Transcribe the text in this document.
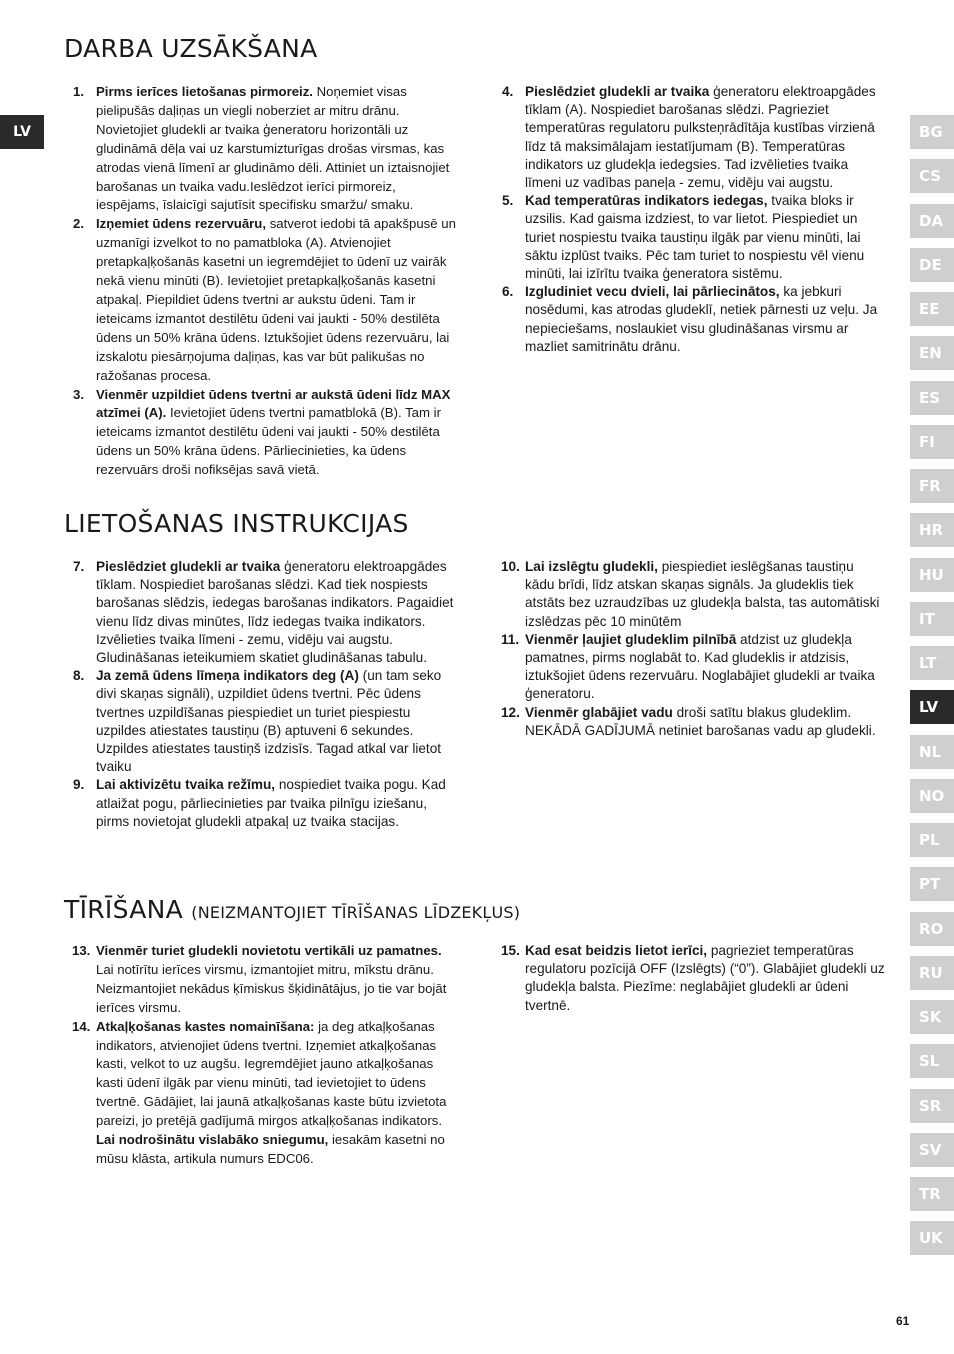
LV
DARBA UZSĀKŠANA

1. Pirms ierīces lietošanas pirmoreiz. Noņemiet visas pielipušās daļiņas un viegli noberziet ar mitru drānu. Novietojiet gludekli ar tvaika ģeneratoru horizontāli uz gludināmā dēļa vai uz karstumizturīgas drošas virsmas, kas atrodas vienā līmenī ar gludināmo dēli. Attiniet un iztaisnojiet barošanas un tvaika vadu.Ieslēdzot ierīci pirmoreiz, iespējams, īslaicīgi sajutīsit specifisku smaržu/ smaku.

2. Izņemiet ūdens rezervuāru, satverot iedobi tā apakšpusē un uzmanīgi izvelkot to no pamatbloka (A). Atvienojiet pretapkaļķošanās kasetni un iegremdējiet to ūdenī uz vairāk nekā vienu minūti (B). Ievietojiet pretapkaļķošanās kasetni atpakaļ. Piepildiet ūdens tvertni ar aukstu ūdeni. Tam ir ieteicams izmantot destilētu ūdeni vai jaukti - 50% destilēta ūdens un 50% krāna ūdens. Iztukšojiet ūdens rezervuāru, lai izskalotu piesārņojuma daļiņas, kas var būt palikušas no ražošanas procesa.

3. Vienmēr uzpildiet ūdens tvertni ar aukstā ūdeni līdz MAX atzīmei (A). Ievietojiet ūdens tvertni pamatblokā (B). Tam ir ieteicams izmantot destilētu ūdeni vai jaukti - 50% destilēta ūdens un 50% krāna ūdens. Pārliecinieties, ka ūdens rezervuārs droši nofiksējas savā vietā.

4. Pieslēdziet gludekli ar tvaika ģeneratoru elektroapgādes tīklam (A). Nospiediet barošanas slēdzi. Pagrieziet temperatūras regulatoru pulksteņrādītāja kustības virzienā līdz tā maksimālajam iestatījumam (B). Temperatūras indikators uz gludekļa iedegsies. Tad izvēlieties tvaika līmeni uz vadības paneļa - zemu, vidēju vai augstu.

5. Kad temperatūras indikators iedegas, tvaika bloks ir uzsilis. Kad gaisma izdziest, to var lietot. Piespiediet un turiet nospiestu tvaika taustiņu ilgāk par vienu minūti, lai sāktu izplūst tvaiks. Pēc tam turiet to nospiestu vēl vienu minūti, lai izīrītu tvaika ģeneratora sistēmu.

6. Izgludiniet vecu dvieli, lai pārliecinātos, ka jebkuri nosēdumi, kas atrodas gludeklī, netiek pārnesti uz veļu. Ja nepieciešams, noslaukiet visu gludināšanas virsmu ar mazliet samitrinātu drānu.

LIETOŠANAS INSTRUKCIJAS

7. Pieslēdziet gludekli ar tvaika ģeneratoru elektroapgādes tīklam. Nospiediet barošanas slēdzi. Kad tiek nospiests barošanas slēdzis, iedegas barošanas indikators. Pagaidiet vienu līdz divas minūtes, līdz iedegas tvaika indikators. Izvēlieties tvaika līmeni - zemu, vidēju vai augstu. Gludināšanas ieteikumiem skatiet gludināšanas tabulu.

8. Ja zemā ūdens līmeņa indikators deg (A) (un tam seko divi skaņas signāli), uzpildiet ūdens tvertni. Pēc ūdens tvertnes uzpildīšanas piespiediet un turiet piespiestu uzpildes atiestates taustiņu (B) aptuveni 6 sekundes. Uzpildes atiestates taustiņš izdzisīs. Tagad atkal var lietot tvaiku

9. Lai aktivizētu tvaika režīmu, nospiediet tvaika pogu. Kad atlaižat pogu, pārliecinieties par tvaika pilnīgu iziešanu, pirms novietojat gludekli atpakaļ uz tvaika stacijas.

10. Lai izslēgtu gludekli, piespiediet ieslēgšanas taustiņu kādu brīdi, līdz atskan skaņas signāls. Ja gludeklis tiek atstāts bez uzraudzības uz gludekļa balsta, tas automātiski izslēdzas pēc 10 minūtēm

11. Vienmēr ļaujiet gludeklim pilnībā atdzist uz gludekļa pamatnes, pirms noglabāt to. Kad gludeklis ir atdzisis, iztukšojiet ūdens rezervuāru. Noglabājiet gludekli ar tvaika ģeneratoru.

12. Vienmēr glabājiet vadu droši satītu blakus gludeklim. NEKĀDĀ GADĪJUMĀ netiniet barošanas vadu ap gludekli.

TĪRĪŠANA (NEIZMANTOJIET TĪRĪŠANAS LĪDZEKĻUS)

13. Vienmēr turiet gludekli novietotu vertikāli uz pamatnes. Lai notīrītu ierīces virsmu, izmantojiet mitru, mīkstu drānu. Neizmantojiet nekādus ķīmiskus šķidinātājus, jo tie var bojāt ierīces virsmu.

14. Atkaļķošanas kastes nomainīšana: ja deg atkaļķošanas indikators, atvienojiet ūdens tvertni. Izņemiet atkaļķošanas kasti, velkot to uz augšu. Iegremdējiet jauno atkaļķošanas kasti ūdenī ilgāk par vienu minūti, tad ievietojiet to ūdens tvertnē. Gādājiet, lai jaunā atkaļķošanas kaste būtu izvietota pareizi, jo pretējā gadījumā mirgos atkaļķošanas indikators.

Lai nodrošinātu vislabāko sniegumu, iesakām kasetni no mūsu klāsta, artikula numurs EDC06.

15. Kad esat beidzis lietot ierīci, pagrieziet temperatūras regulatoru pozīcijā OFF (Izslēgts) (“0”). Glabājiet gludekli uz gludekļa balsta. Piezīme: neglabājiet gludekli ar ūdeni tvertnē.

BG
CS
DA
DE
EE
EN
ES
FI
FR
HR
HU
IT
LT
LV
NL
NO
PL
PT
RO
RU
SK
SL
SR
SV
TR
UK
61
